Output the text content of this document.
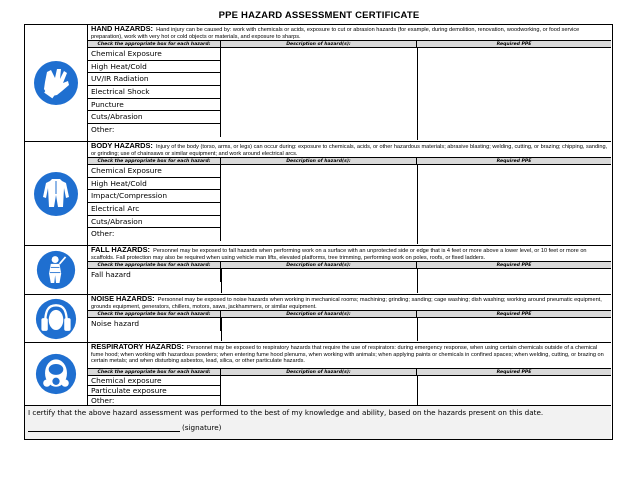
PPE HAZARD ASSESSMENT CERTIFICATE
HAND HAZARDS: Hand injury can be caused by: work with chemicals or acids, exposure to cut or abrasion hazards (for example, during demolition, renovation, woodworking, or food service preparation), work with very hot or cold objects or materials, and exposure to sharps.
Check the appropriate box for each hazard:	Description of hazard(s):	Required PPE
Chemical Exposure
High Heat/Cold
UV/IR Radiation
Electrical Shock
Puncture
Cuts/Abrasion
Other:
BODY HAZARDS: Injury of the body (torso, arms, or legs) can occur during: exposure to chemicals, acids, or other hazardous materials; abrasive blasting; welding, cutting, or brazing; chipping, sanding, or grinding; use of chainsaws or similar equipment; and work around electrical arcs.
Check the appropriate box for each hazard:	Description of hazard(s):	Required PPE
Chemical Exposure
High Heat/Cold
Impact/Compression
Electrical Arc
Cuts/Abrasion
Other:
FALL HAZARDS: Personnel may be exposed to fall hazards when performing work on a surface with an unprotected side or edge that is 4 feet or more above a lower level, or 10 feet or more on scaffolds. Fall protection may also be required when using vehicle man lifts, elevated platforms, tree trimming, performing work on poles, roofs, or fixed ladders.
Check the appropriate box for each hazard:	Description of hazard(s):	Required PPE
Fall hazard
NOISE HAZARDS: Personnel may be exposed to noise hazards when working in mechanical rooms; machining; grinding; sanding; cage washing; dish washing; working around pneumatic equipment, grounds equipment, generators, chillers, motors, saws, jackhammers, or similar equipment.
Check the appropriate box for each hazard:	Description of hazard(s):	Required PPE
Noise hazard
RESPIRATORY HAZARDS: Personnel may be exposed to respiratory hazards that require the use of respirators: during emergency response, when using certain chemicals outside of a chemical fume hood; when working with hazardous powders; when entering fume hood plenums, when working with animals; when applying paints or chemicals in confined spaces; when welding, cutting, or brazing on certain metals; and when disturbing asbestos, lead, silica, or other particulate hazards.
Check the appropriate box for each hazard:	Description of hazard(s):	Required PPE
Chemical exposure
Particulate exposure
Other:
I certify that the above hazard assessment was performed to the best of my knowledge and ability, based on the hazards present on this date.
(signature)
